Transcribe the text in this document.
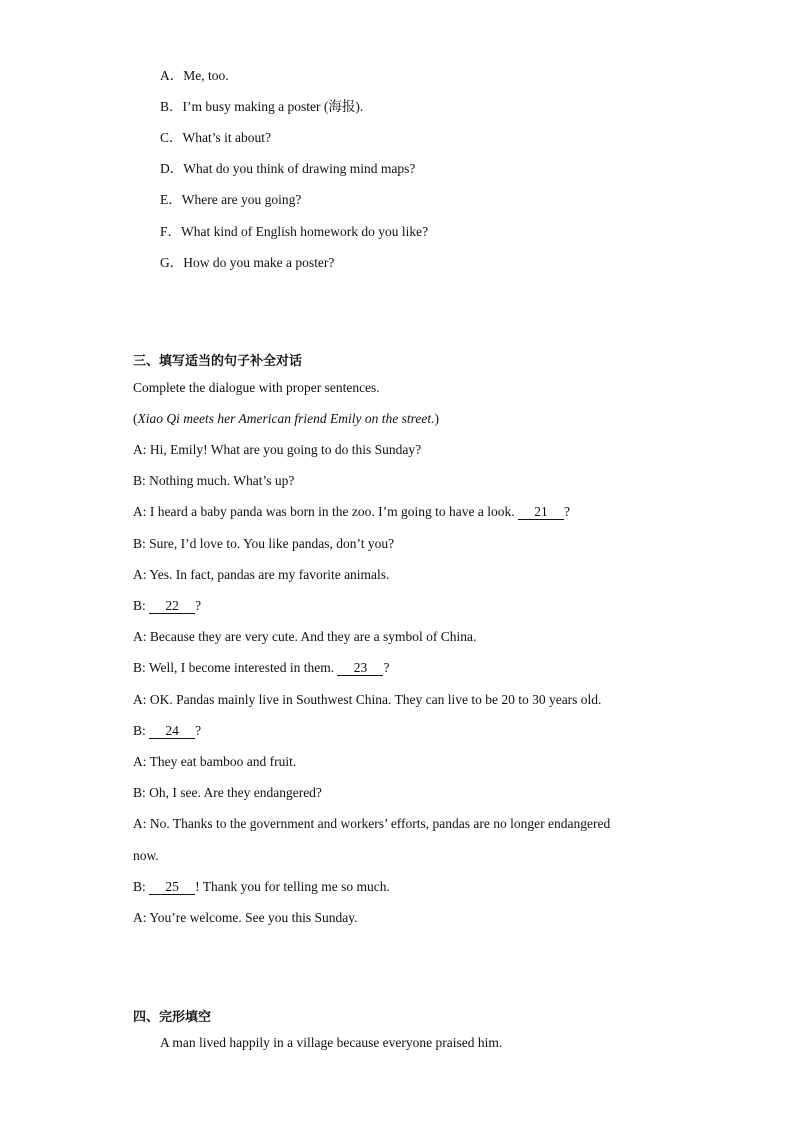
A．Me, too.
B．I’m busy making a poster (海报).
C．What’s it about?
D．What do you think of drawing mind maps?
E．Where are you going?
F．What kind of English homework do you like?
G．How do you make a poster?
三、填写适当的句子补全对话
Complete the dialogue with proper sentences.
(Xiao Qi meets her American friend Emily on the street.)
A: Hi, Emily! What are you going to do this Sunday?
B: Nothing much. What’s up?
A: I heard a baby panda was born in the zoo. I’m going to have a look. 21 ?
B: Sure, I’d love to. You like pandas, don’t you?
A: Yes. In fact, pandas are my favorite animals.
B: 22 ?
A: Because they are very cute. And they are a symbol of China.
B: Well, I become interested in them. 23 ?
A: OK. Pandas mainly live in Southwest China. They can live to be 20 to 30 years old.
B: 24 ?
A: They eat bamboo and fruit.
B: Oh, I see. Are they endangered?
A: No. Thanks to the government and workers’ efforts, pandas are no longer endangered
now.
B: 25 ! Thank you for telling me so much.
A: You’re welcome. See you this Sunday.
四、完形填空
A man lived happily in a village because everyone praised him.
